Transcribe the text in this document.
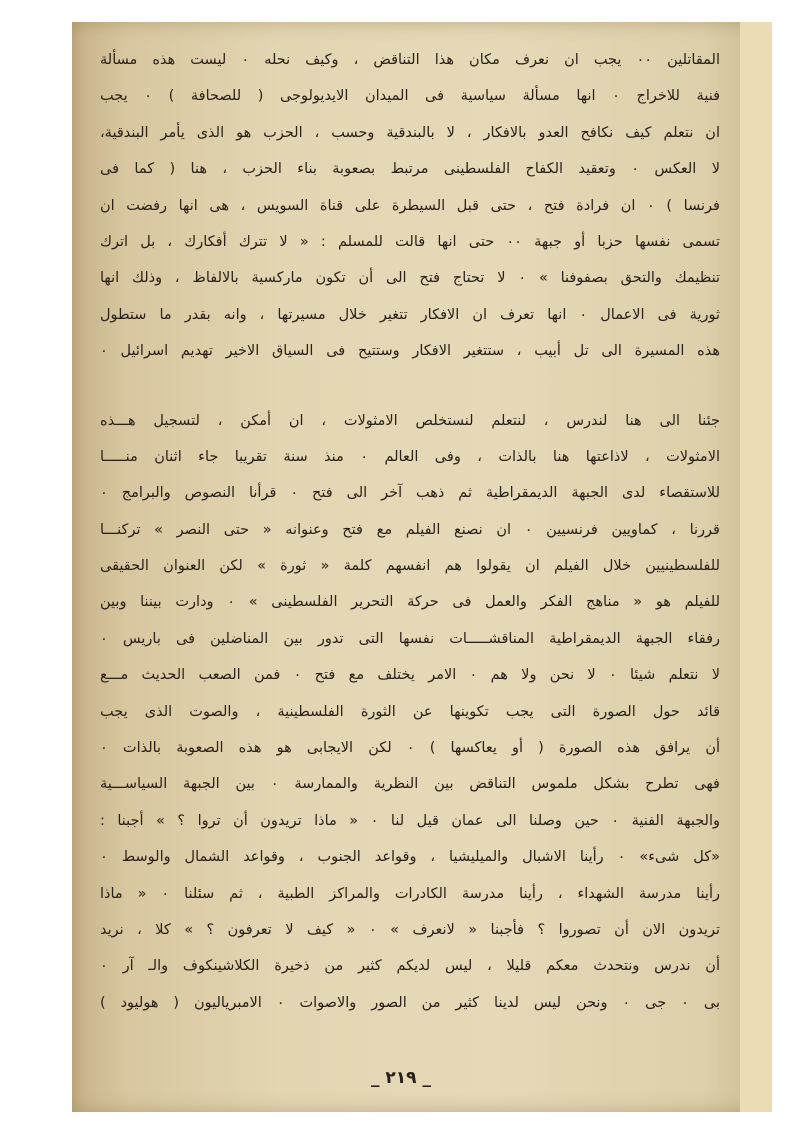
المقاتلين ٠٠ يجب ان نعرف مكان هذا التناقض ، وكيف نحله ٠ ليست هذه مسألة
فنية للاخراج ٠ انها مسألة سياسية فى الميدان الايديولوجى ( للصحافة ) ٠ يجب
ان نتعلم كيف نكافح العدو بالافكار ، لا بالبندقية وحسب ، الحزب هو الذى يأمر البندقية،
لا العكس ٠ وتعقيد الكفاح الفلسطينى مرتبط بصعوبة بناء الحزب ، هنا ( كما فى
فرنسا ) ٠ ان فرادة فتح ، حتى قبل السيطرة على قناة السويس ، هى انها رفضت ان
تسمى نفسها حزبا أو جبهة ٠٠ حتى انها قالت للمسلم : « لا تترك أفكارك ، بل اترك
تنظيمك والتحق بصفوفنا » ٠ لا تحتاج فتح الى أن تكون ماركسية بالالفاظ ، وذلك انها
ثورية فى الاعمال ٠ انها تعرف ان الافكار تتغير خلال مسيرتها ، وانه بقدر ما ستطول
هذه المسيرة الى تل أبيب ، ستتغير الافكار وستتيح فى السياق الاخير تهديم اسرائيل ٠
جئنا الى هنا لندرس ، لنتعلم لنستخلص الامثولات ، ان أمكن ، لتسجيل هـــذه
الامثولات ، لاذاعتها هنا بالذات ، وفى العالم ٠ منذ سنة تقريبا جاء اثنان منـــــا
للاستقصاء لدى الجبهة الديمقراطية ثم ذهب آخر الى فتح ٠ قرأنا النصوص والبرامج ٠
قررنا ، كماويين فرنسيين ٠ ان نصنع الفيلم مع فتح وعنوانه « حتى النصر » تركنـــا
للفلسطينيين خلال الفيلم ان يقولوا هم انفسهم كلمة « ثورة » لكن العنوان الحقيقى
للفيلم هو « مناهج الفكر والعمل فى حركة التحرير الفلسطينى » ٠ ودارت بيننا وبين
رفقاء الجبهة الديمقراطية المناقشـــــات نفسها التى تدور بين المناضلين فى باريس ٠
لا نتعلم شيئا ٠ لا نحن ولا هم ٠ الامر يختلف مع فتح ٠ فمن الصعب الحديث مـــع
قائد حول الصورة التى يجب تكوينها عن الثورة الفلسطينية ، والصوت الذى يجب
أن يرافق هذه الصورة ( أو يعاكسها ) ٠ لكن الايجابى هو هذه الصعوبة بالذات ٠
فهى تطرح بشكل ملموس التناقض بين النظرية والممارسة ٠ بين الجبهة السياســـية
والجبهة الفنية ٠ حين وصلنا الى عمان قيل لنا ٠ « ماذا تريدون أن تروا ؟ » أجبنا :
«كل شىء» ٠ رأينا الاشبال والميليشيا ، وقواعد الجنوب ، وقواعد الشمال والوسط ٠
رأينا مدرسة الشهداء ، رأينا مدرسة الكادرات والمراكز الطبية ، ثم سئلنا ٠ « ماذا
تريدون الان أن تصوروا ؟ فأجبنا « لانعرف » ٠ « كيف لا تعرفون ؟ » كلا ، نريد
أن ندرس ونتحدث معكم قليلا ، ليس لديكم كثير من ذخيرة الكلاشينكوف والـ آر ٠
بى ٠ جى ٠ ونحن ليس لدينا كثير من الصور والاصوات ٠ الامبرياليون ( هوليود )
_ ٢١٩ _
